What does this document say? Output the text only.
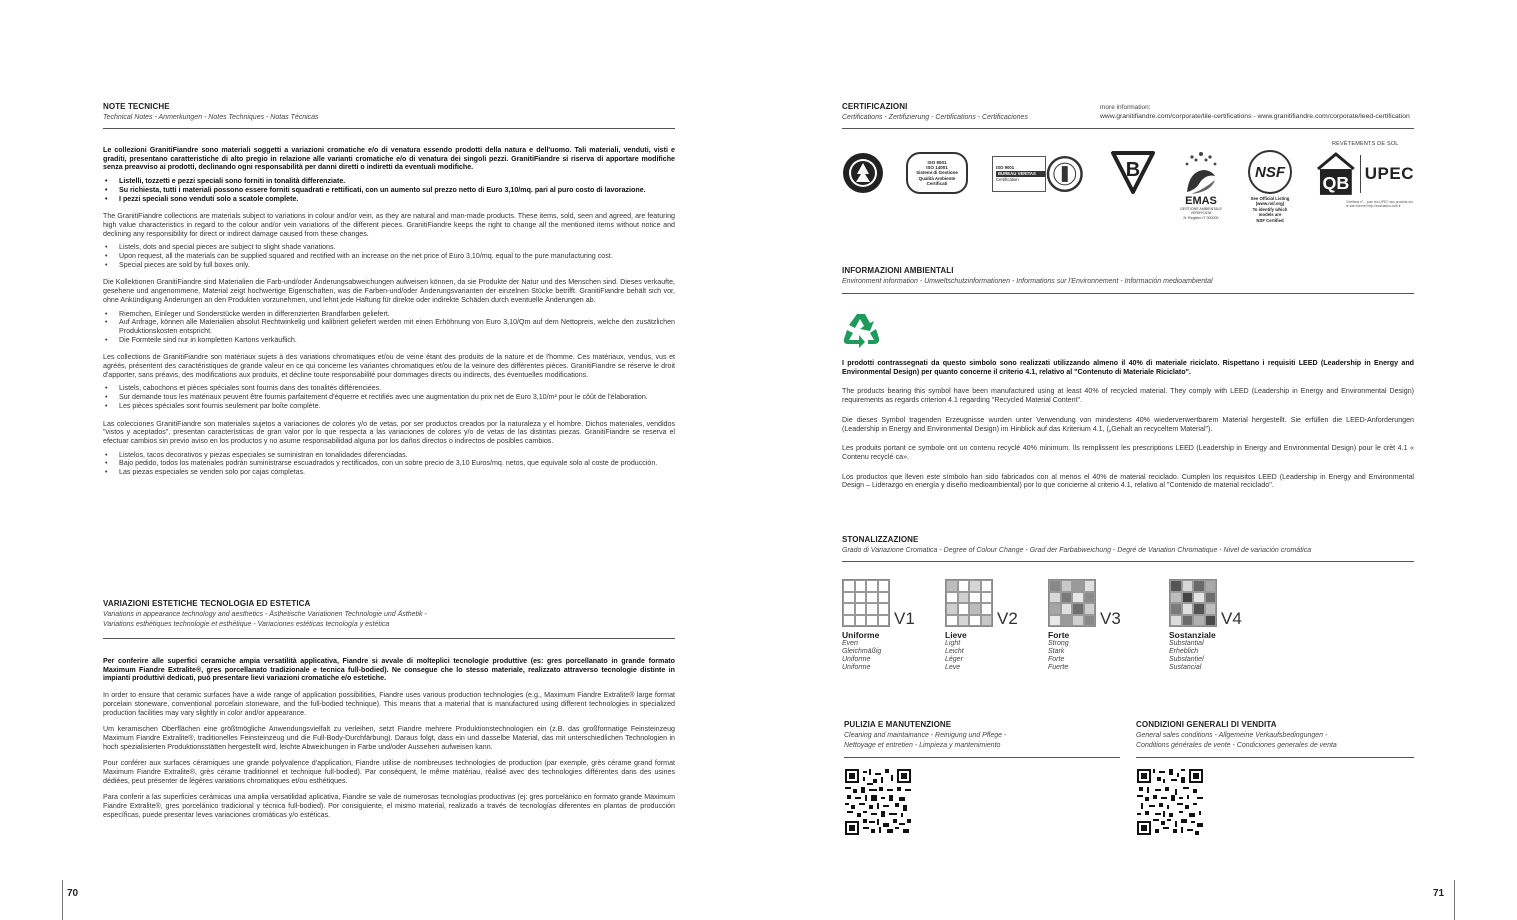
NOTE TECNICHE
Technical Notes - Anmerkungen - Notes Techniques - Notas Técnicas

Le collezioni GranitiFiandre sono materiali soggetti a variazioni cromatiche e/o di venatura essendo prodotti della natura e dell'uomo. Tali materiali, venduti, visti e graditi, presentano caratteristiche di alto pregio in relazione alle varianti cromatiche e/o di venatura dei singoli pezzi. GranitiFiandre si riserva di apportare modifiche senza preavviso ai prodotti, declinando ogni responsabilità per danni diretti o indiretti da eventuali modifiche.

• Listelli, tozzetti e pezzi speciali sono forniti in tonalità differenziate.
• Su richiesta, tutti i materiali possono essere forniti squadrati e rettificati, con un aumento sul prezzo netto di Euro 3,10/mq. pari al puro costo di lavorazione.
• I pezzi speciali sono venduti solo a scatole complete.

The GranitiFiandre collections are materials subject to variations in colour and/or vein, as they are natural and man-made products. These items, sold, seen and agreed, are featuring high value characteristics in regard to the colour and/or vein variations of the different pieces. GranitiFiandre keeps the right to change all the mentioned items without notice and declining any responsibility for direct or indirect damage caused from these changes.

• Listels, dots and special pieces are subject to slight shade variations.
• Upon request, all the materials can be supplied squared and rectified with an increase on the net price of Euro 3,10/mq. equal to the pure manufacturing cost.
• Special pieces are sold by full boxes only.

Die Kollektionen GranitiFiandre sind Materialien die Farb-und/oder Änderungsabweichungen aufweisen können, da sie Produkte der Natur und des Menschen sind. Dieses verkaufte, gesehene und angenommene, Material zeigt hochwertige Eigenschaften, was die Farben-und/oder Änderungsvarianten der einzelnen Stücke betrifft. GranitiFiandre behält sich vor, ohne Ankündigung Änderungen an den Produkten vorzunehmen, und lehnt jede Haftung für direkte oder indirekte Schäden durch eventuelle Änderungen ab.

• Riemchen, Einleger und Sonderstücke werden in differenzierten Brandfarben geliefert.
• Auf Anfrage, können alle Materialien absolut Rechtwinkelig und kalibriert geliefert werden mit einen Erhöhnung von Euro 3,10/Qm auf dem Nettopreis, welche den zusätzlichen Produktionskosten entspricht.
• Die Formteile sind nur in kompletten Kartons verkäuflich.

Les collections de GranitiFiandre son matériaux sujets à des variations chromatiques et/ou de veine étant des produits de la nature et de l'homme. Ces matériaux, vendus, vus et agréés, présentent des caractéristiques de grande valeur en ce qui concerne les variantes chromatiques et/ou de la veinure des différentes pièces. GranitiFiandre se réserve le droit d'apporter, sans préavis, des modifications aux produits, et décline toute responsabilité pour dommages directs ou indirects, des éventuelles modifications.

• Listels, cabochons et pièces spéciales sont fournis dans des tonalités différenciées.
• Sur demande tous les matériaux peuvent être fournis parfaitement d'équerre et rectifiés avec une augmentation du prix net de Euro 3,10/m² pour le côût de l'élaboration.
• Les pièces spéciales sont fournis seulement par boîte complète.

Las colecciones GranitiFiandre son materiales sujetos a variaciones de colores y/o de vetas, por ser productos creados por la naturaleza y el hombre. Dichos materiales, vendidos "vistos y aceptados", presentan características de gran valor por lo que respecta a las variaciones de colores y/o de vetas de las distintas piezas. GranitiFiandre se reserva el efectuar cambios sin previo aviso en los productos y no asume responsabilidad alguna por los daños directos o indirectos de posibles cambios.

• Listelos, tacos decorativos y piezas especiales se suministran en tonalidades diferenciadas.
• Bajo pedido, todos los materiales podrán suministrarse escuadrados y rectificados, con un sobre precio de 3,10 Euros/mq. netos, que equivale solo al coste de producción.
• Las piezas especiales se venden solo por cajas completas.
VARIAZIONI ESTETICHE TECNOLOGIA ED ESTETICA
Variations in appearance technology and aesthetics - Ästhetische Variationen Technologie und Ästhetik -
Variations esthétiques technologie et esthétique - Variaciones estéticas tecnología y estética

Per conferire alle superfici ceramiche ampia versatilità applicativa, Fiandre si avvale di molteplici tecnologie produttive (es: gres porcellanato in grande formato Maximum Fiandre Extralite®, gres porcellanato tradizionale e tecnica full-bodied). Ne consegue che lo stesso materiale, realizzato attraverso tecnologie distinte in impianti produttivi dedicati, può presentare lievi variazioni cromatiche e/o estetiche.

In order to ensure that ceramic surfaces have a wide range of application possibilities, Fiandre uses various production technologies (e.g., Maximum Fiandre Extralite® large format porcelain stoneware, conventional porcelain stoneware, and the full-bodied technique). This means that a material that is manufactured using different technologies in specialized production facilities may vary slightly in color and/or appearance.

Um keramischen Oberflächen eine größtmögliche Anwendungsvielfalt zu verleihen, setzt Fiandre mehrere Produktionstechnologien ein (z.B. das großformatige Feinsteinzeug Maximum Fiandre Extralite®, traditionelles Feinsteinzeug und die Full-Body-Durchfärbung). Daraus folgt, dass ein und dasselbe Material, das mit unterschiedlichen Technologien in hoch spezialisierten Produktionsstätten hergestellt wird, leichte Abweichungen in Farbe und/oder Aussehen aufweisen kann.

Pour conférer aux surfaces céramiques une grande polyvalence d'application, Fiandre utilise de nombreuses technologies de production (par exemple, grès cérame grand format Maximum Fiandre Extralite®, grès cérame traditionnel et technique full-bodied). Par conséquent, le même matériau, réalisé avec des technologies différentes dans des usines dédiées, peut présenter de légères variations chromatiques et/ou esthétiques.

Para conferir a las superficies cerámicas una amplia versatilidad aplicativa, Fiandre se vale de numerosas tecnologías productivas (ej: gres porcelánico en formato grande Maximum Fiandre Extralite®, gres porcelánico tradicional y técnica full-bodied). Por consiguiente, el mismo material, realizado a través de tecnologías diferentes en plantas de producción específicas, puede presentar leves variaciones cromáticas y/o estéticas.

70
CERTIFICAZIONI
Certifications - Zertifizierung - Certifications - Certificaciones
more information:
www.granitifiandre.com/corporate/tile-certifications - www.granitifiandre.com/corporate/leed-certification
ISO 9001
ISO 14001
Sistemi di Gestione
Qualità Ambiente
Certificati
ISO 9001
BUREAU VERITAS
Certification	B
EMAS
GESTIONE AMBIENTALE
VERIFICATA
N. Registro IT 000000
NSF
See Official Listing
(www.nsf.org)
To identify which
models are
NSF Certified
REVÊTEMENTS DE SOL
QB UPEC
Certificat n°... pour les UPEC des produits sur le site internet http://evaluation.cstb.fr
INFORMAZIONI AMBIENTALI
Environment information - Umweltschutzinformationen - Informations sur l'Environnement - Información medioambiental

I prodotti contrassegnati da questo simbolo sono realizzati utilizzando almeno il 40% di materiale riciclato. Rispettano i requisiti LEED (Leadership in Energy and Environmental Design) per quanto concerne il criterio 4.1, relativo al "Contenuto di Materiale Riciclato".

The products bearing this symbol have been manufactured using at least 40% of recycled material. They comply with LEED (Leadership in Energy and Environmental Design) requirements as regards criterion 4.1 regarding "Recycled Material Content".

Die dieses Symbol tragenden Erzeugnisse wurden unter Verwendung von mindestens 40% wiederverwertbarem Material hergestellt. Sie erfüllen die LEED-Anforderungen (Leadership in Energy and Environmental Design) im Hinblick auf das Kriterium 4.1, („Gehalt an recyceltem Material").

Les produits portant ce symbole ont un contenu recyclé 40% minimum. Ils remplissent les prescriptions LEED (Leadership in Energy and Environmental Design) pour le crèt 4.1 « Contenu recyclé·ca».

Los productos que lleven este símbolo han sido fabricados con al menos el 40% de material reciclado. Cumplen los requisitos LEED (Leadership in Energy and Environmental Design – Liderazgo en energía y diseño medioambiental) por lo que concierne al criterio 4.1, relativo al "Contenido de material reciclado".

STONALIZZAZIONE
Grado di Variazione Cromatica - Degree of Colour Change - Grad der Farbabweichung - Degré de Variation Chromatique - Nivel de variación cromática
V1
Uniforme
Even
Gleichmäßig
Uniforme
Uniforme
V2
Lieve
Light
Leicht
Léger
Leve
V3
Forte
Strong
Stark
Forte
Fuerte
V4
Sostanziale
Substantial
Erheblich
Substantiel
Sustancial
PULIZIA E MANUTENZIONE
Cleaning and maintainance - Reinigung und Pflege -
Nettoyage et entretien - Limpieza y mantenimiento
CONDIZIONI GENERALI DI VENDITA
General sales conditions - Allgemeine Verkaufsbedingungen -
Conditions générales de vente - Condiciones generales de venta
71
